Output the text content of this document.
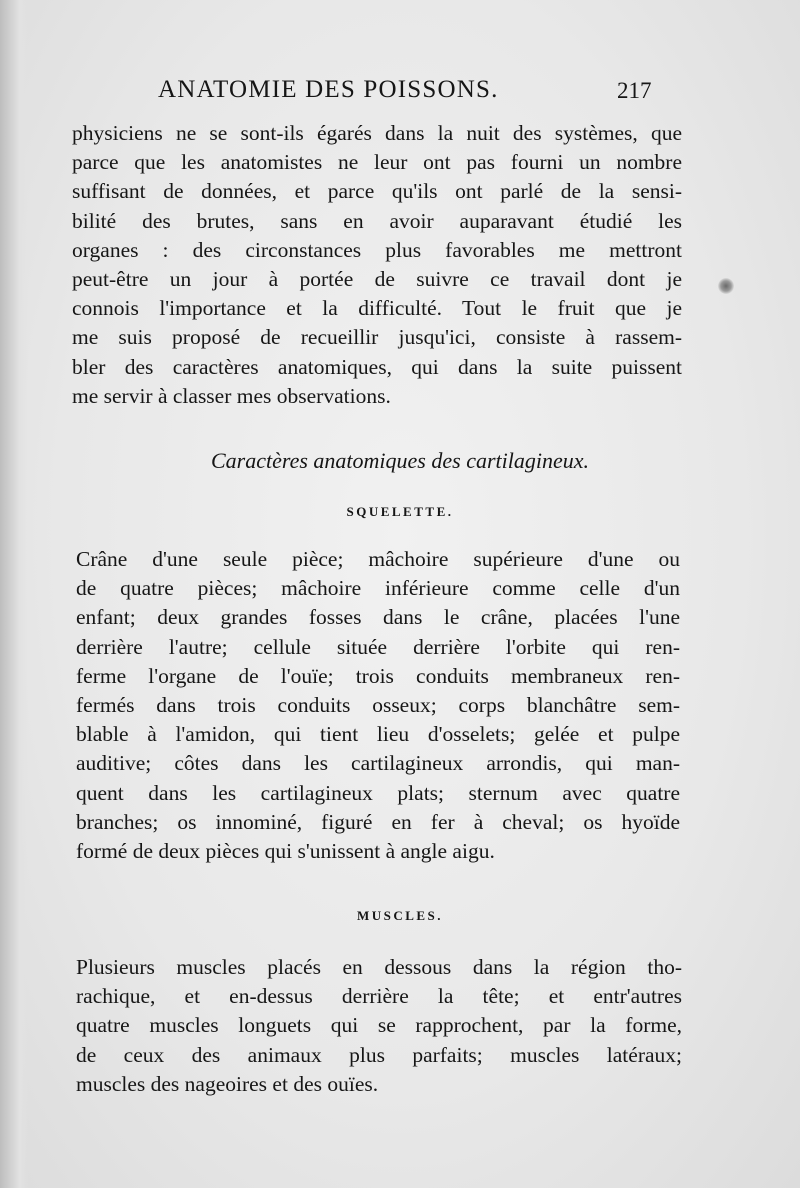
ANATOMIE DES POISSONS.	217
physiciens ne se sont-ils égarés dans la nuit des systèmes, que
parce que les anatomistes ne leur ont pas fourni un nombre
suffisant de données, et parce qu'ils ont parlé de la sensi-
bilité des brutes, sans en avoir auparavant étudié les
organes : des circonstances plus favorables me mettront
peut-être un jour à portée de suivre ce travail dont je
connois l'importance et la difficulté. Tout le fruit que je
me suis proposé de recueillir jusqu'ici, consiste à rassem-
bler des caractères anatomiques, qui dans la suite puissent
me servir à classer mes observations.
Caractères anatomiques des cartilagineux.
SQUELETTE.
Crâne d'une seule pièce; mâchoire supérieure d'une ou
de quatre pièces; mâchoire inférieure comme celle d'un
enfant; deux grandes fosses dans le crâne, placées l'une
derrière l'autre; cellule située derrière l'orbite qui ren-
ferme l'organe de l'ouïe; trois conduits membraneux ren-
fermés dans trois conduits osseux; corps blanchâtre sem-
blable à l'amidon, qui tient lieu d'osselets; gelée et pulpe
auditive; côtes dans les cartilagineux arrondis, qui man-
quent dans les cartilagineux plats; sternum avec quatre
branches; os innominé, figuré en fer à cheval; os hyoïde
formé de deux pièces qui s'unissent à angle aigu.
MUSCLES.
Plusieurs muscles placés en dessous dans la région tho-
rachique, et en-dessus derrière la tête; et entr'autres
quatre muscles longuets qui se rapprochent, par la forme,
de ceux des animaux plus parfaits; muscles latéraux;
muscles des nageoires et des ouïes.
